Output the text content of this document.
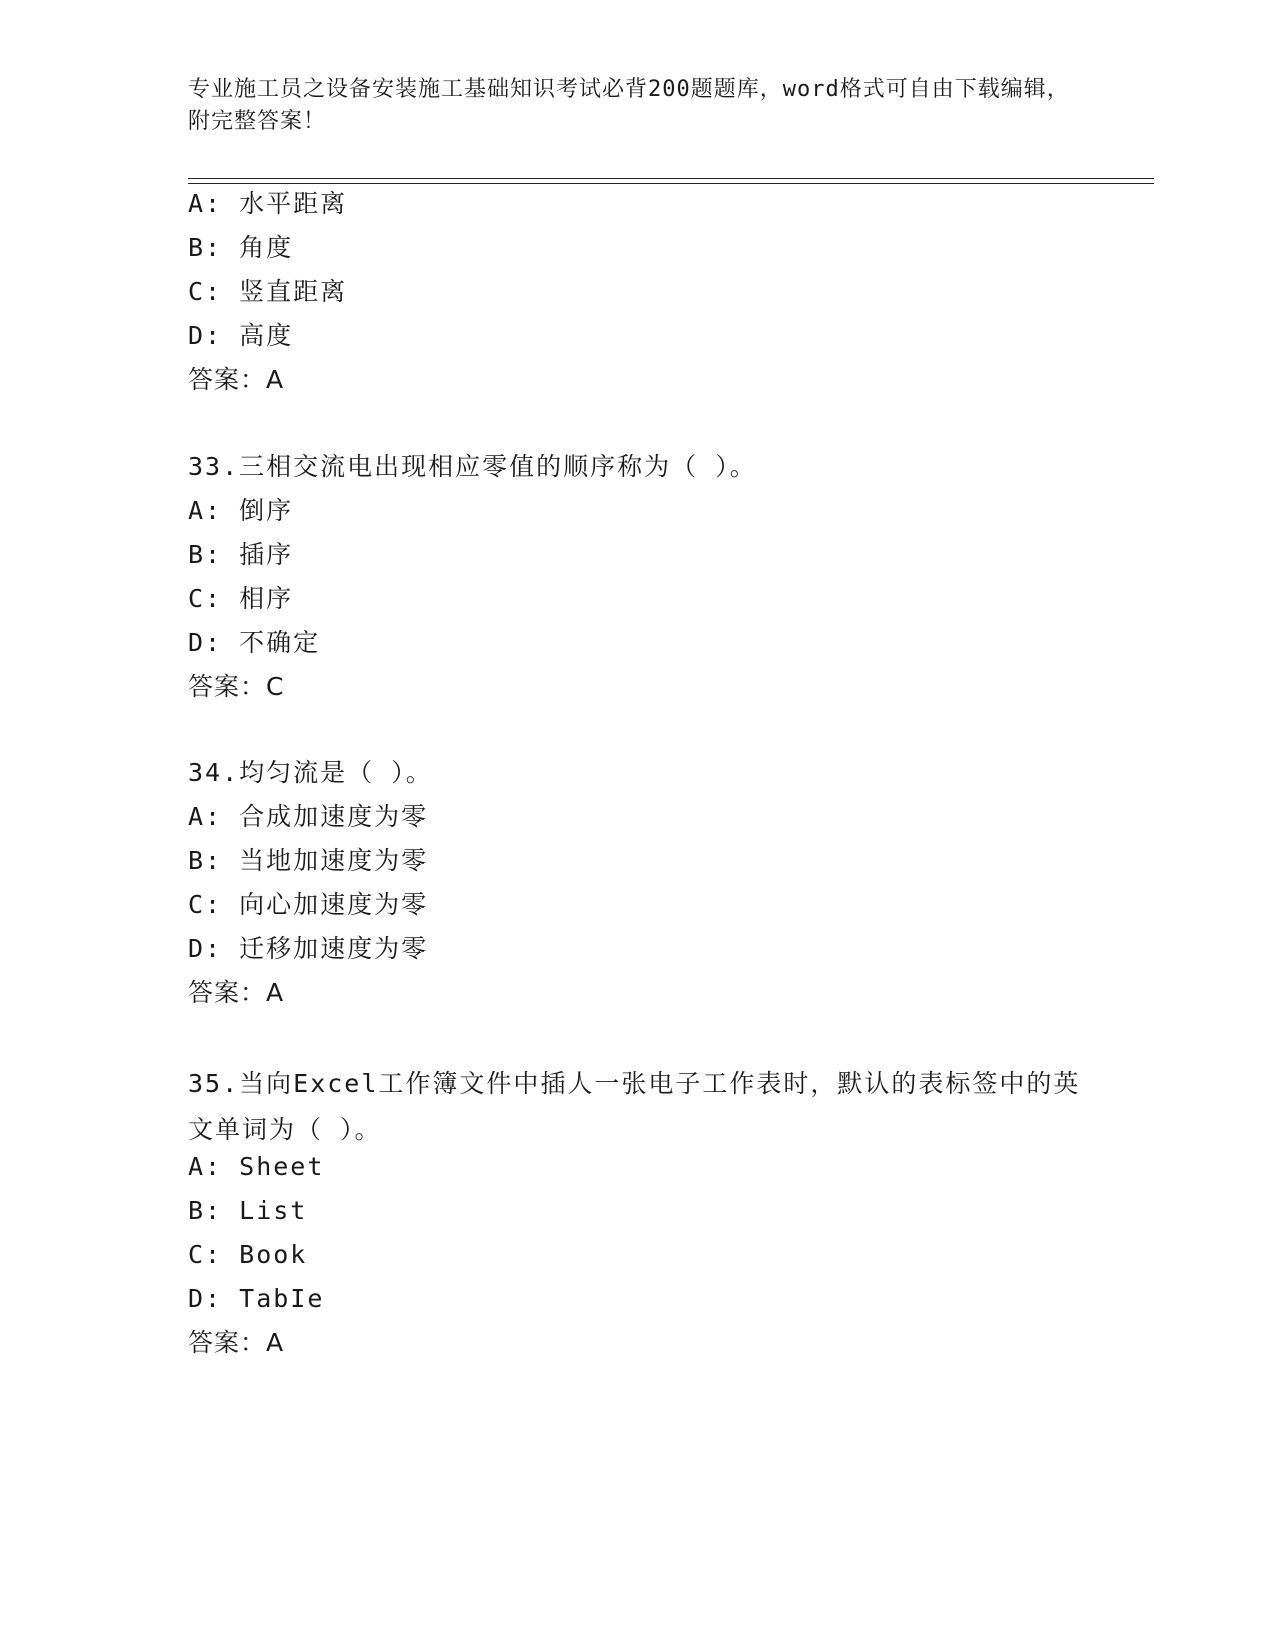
专业施工员之设备安装施工基础知识考试必背200题题库，word格式可自由下载编辑，附完整答案！
A: 水平距离
B: 角度
C: 竖直距离
D: 高度
答案：A
33.三相交流电出现相应零值的顺序称为（ ）。
A: 倒序
B: 插序
C: 相序
D: 不确定
答案：C
34.均匀流是（ ）。
A: 合成加速度为零
B: 当地加速度为零
C: 向心加速度为零
D: 迁移加速度为零
答案：A
35.当向Excel工作簿文件中插人一张电子工作表时，默认的表标签中的英文单词为（ ）。
A: Sheet
B: List
C: Book
D: TabIe
答案：A
